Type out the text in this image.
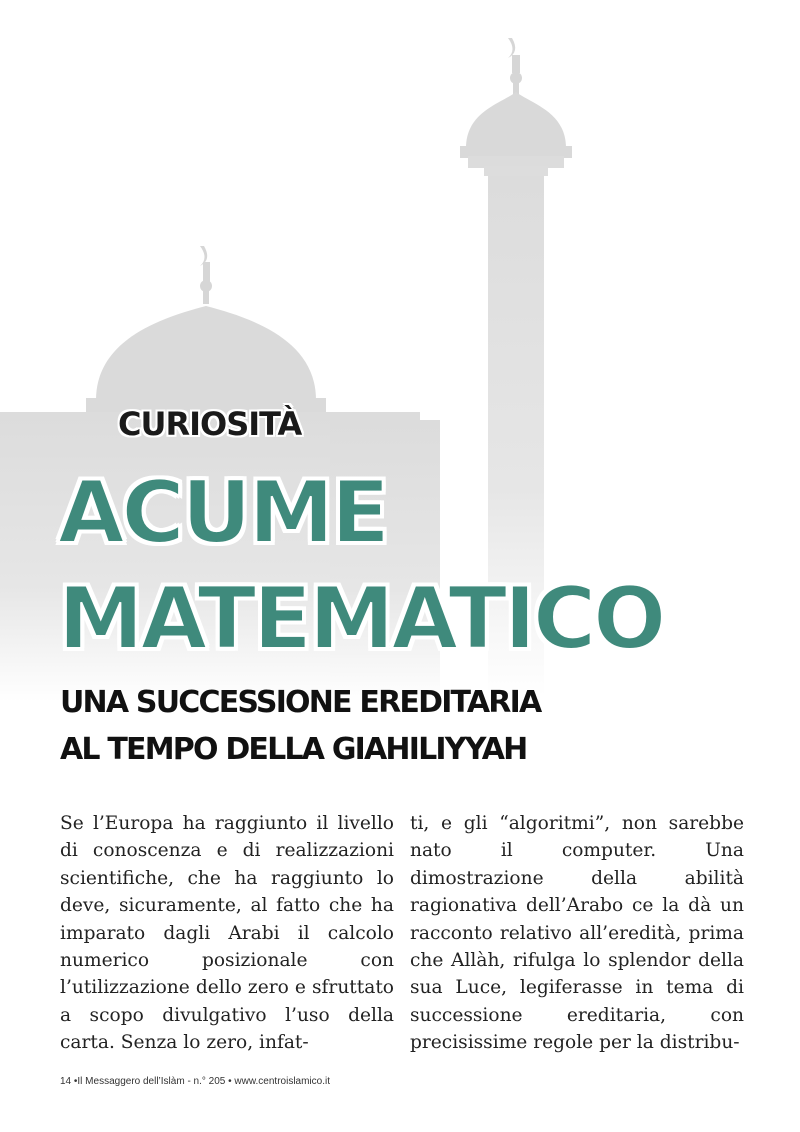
CURIOSITÀ
ACUME
MATEMATICO
UNA SUCCESSIONE EREDITARIA
AL TEMPO DELLA GIAHILIYYAH

Se l’Europa ha raggiunto il livello di conoscenza e di realizzazioni scientifiche, che ha raggiunto lo deve, sicuramente, al fatto che ha imparato dagli Arabi il calcolo numerico posizionale con l’utilizzazione dello zero e sfruttato a scopo divulgativo l’uso della carta. Senza lo zero, infat-

ti, e gli “algoritmi”, non sarebbe nato il computer. Una dimostrazione della abilità ragionativa dell’Arabo ce la dà un racconto relativo all’eredità, prima che Allàh, rifulga lo splendor della sua Luce, legiferasse in tema di successione ereditaria, con precisissime regole per la distribu-

14 •Il Messaggero dell’Islàm - n.° 205 • www.centroislamico.it
